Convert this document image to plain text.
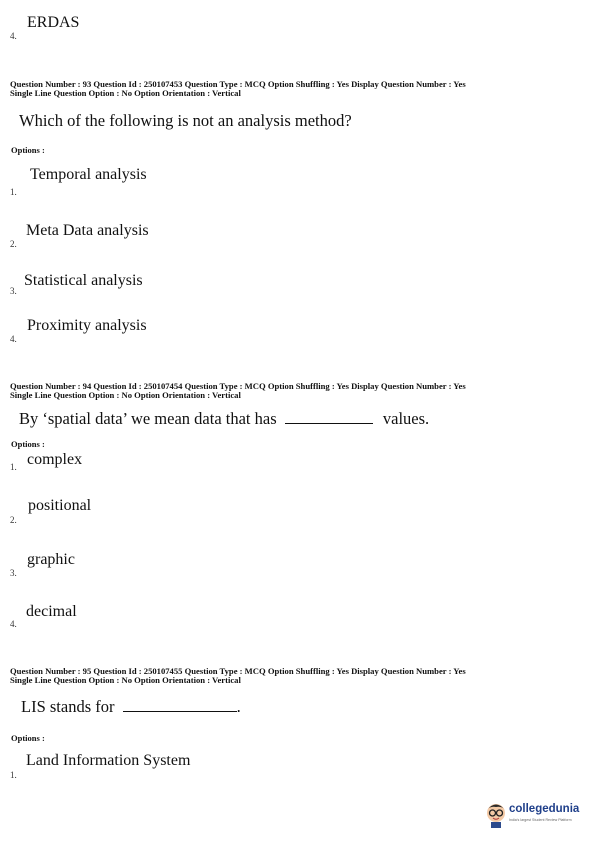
ERDAS
4.
Question Number : 93 Question Id : 250107453 Question Type : MCQ Option Shuffling : Yes Display Question Number : Yes
Single Line Question Option : No Option Orientation : Vertical
Which of the following is not an analysis method?
Options :
Temporal analysis
1.
Meta Data analysis
2.
Statistical analysis
3.
Proximity analysis
4.
Question Number : 94 Question Id : 250107454 Question Type : MCQ Option Shuffling : Yes Display Question Number : Yes
Single Line Question Option : No Option Orientation : Vertical
By ‘spatial data’ we mean data that has	values.
Options :
complex
1.
positional
2.
graphic
3.
decimal
4.
Question Number : 95 Question Id : 250107455 Question Type : MCQ Option Shuffling : Yes Display Question Number : Yes
Single Line Question Option : No Option Orientation : Vertical
LIS stands for	.
Options :
Land Information System
1.
collegedunia
India's largest Student Review Platform
